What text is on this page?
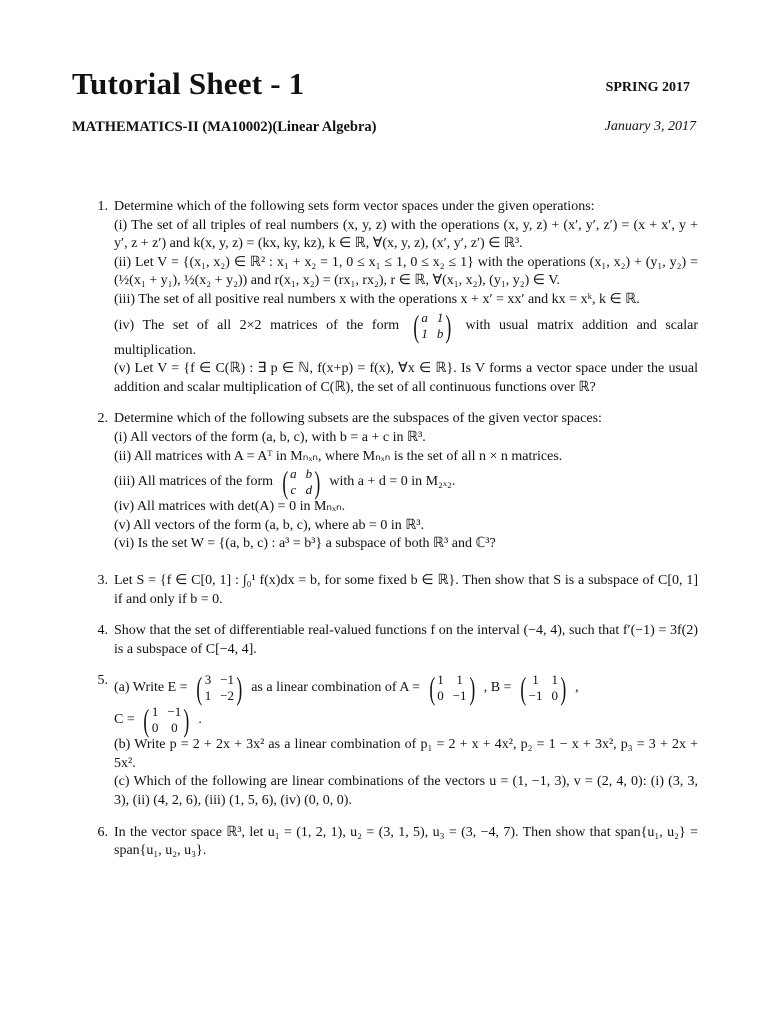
Tutorial Sheet - 1	SPRING 2017
MATHEMATICS-II (MA10002)(Linear Algebra)	January 3, 2017
1. Determine which of the following sets form vector spaces under the given operations:
(i) The set of all triples of real numbers (x, y, z) with the operations (x, y, z) + (x′, y′, z′) = (x + x′, y + y′, z + z′) and k(x, y, z) = (kx, ky, kz), k ∈ ℝ, ∀(x, y, z), (x′, y′, z′) ∈ ℝ³.
(ii) Let V = {(x₁, x₂) ∈ ℝ² : x₁ + x₂ = 1, 0 ≤ x₁ ≤ 1, 0 ≤ x₂ ≤ 1} with the operations (x₁, x₂) + (y₁, y₂) = (½(x₁ + y₁), ½(x₂ + y₂)) and r(x₁, x₂) = (rx₁, rx₂), r ∈ ℝ, ∀(x₁, x₂), (y₁, y₂) ∈ V.
(iii) The set of all positive real numbers x with the operations x + x′ = xx′ and kx = xᵏ, k ∈ ℝ.
(iv) The set of all 2×2 matrices of the form ( a 1
1 b ) with usual matrix addition and scalar multiplication.
(v) Let V = {f ∈ C(ℝ) : ∃ p ∈ ℕ, f(x+p) = f(x), ∀x ∈ ℝ}. Is V forms a vector space under the usual addition and scalar multiplication of C(ℝ), the set of all continuous functions over ℝ?
2. Determine which of the following subsets are the subspaces of the given vector spaces:
(i) All vectors of the form (a, b, c), with b = a + c in ℝ³.
(ii) All matrices with A = Aᵀ in Mₙₓₙ, where Mₙₓₙ is the set of all n × n matrices.
(iii) All matrices of the form ( a b
c d ) with a + d = 0 in M₂ₓ₂.
(iv) All matrices with det(A) = 0 in Mₙₓₙ.
(v) All vectors of the form (a, b, c), where ab = 0 in ℝ³.
(vi) Is the set W = {(a, b, c) : a³ = b³} a subspace of both ℝ³ and ℂ³?
3. Let S = {f ∈ C[0, 1] : ∫₀¹ f(x)dx = b, for some fixed b ∈ ℝ}. Then show that S is a subspace of C[0, 1] if and only if b = 0.
4. Show that the set of differentiable real-valued functions f on the interval (−4, 4), such that f′(−1) = 3f(2) is a subspace of C[−4, 4].
5. (a) Write E = ( 3 −1
1 −2 ) as a linear combination of A = ( 1 1
0 −1 ) , B = ( 1 1
−1 0 ) ,
C = ( 1 −1
0 0 ) .
(b) Write p = 2 + 2x + 3x² as a linear combination of p₁ = 2 + x + 4x², p₂ = 1 − x + 3x², p₃ = 3 + 2x + 5x².
(c) Which of the following are linear combinations of the vectors u = (1, −1, 3), v = (2, 4, 0): (i) (3, 3, 3), (ii) (4, 2, 6), (iii) (1, 5, 6), (iv) (0, 0, 0).
6. In the vector space ℝ³, let u₁ = (1, 2, 1), u₂ = (3, 1, 5), u₃ = (3, −4, 7). Then show that span{u₁, u₂} = span{u₁, u₂, u₃}.
